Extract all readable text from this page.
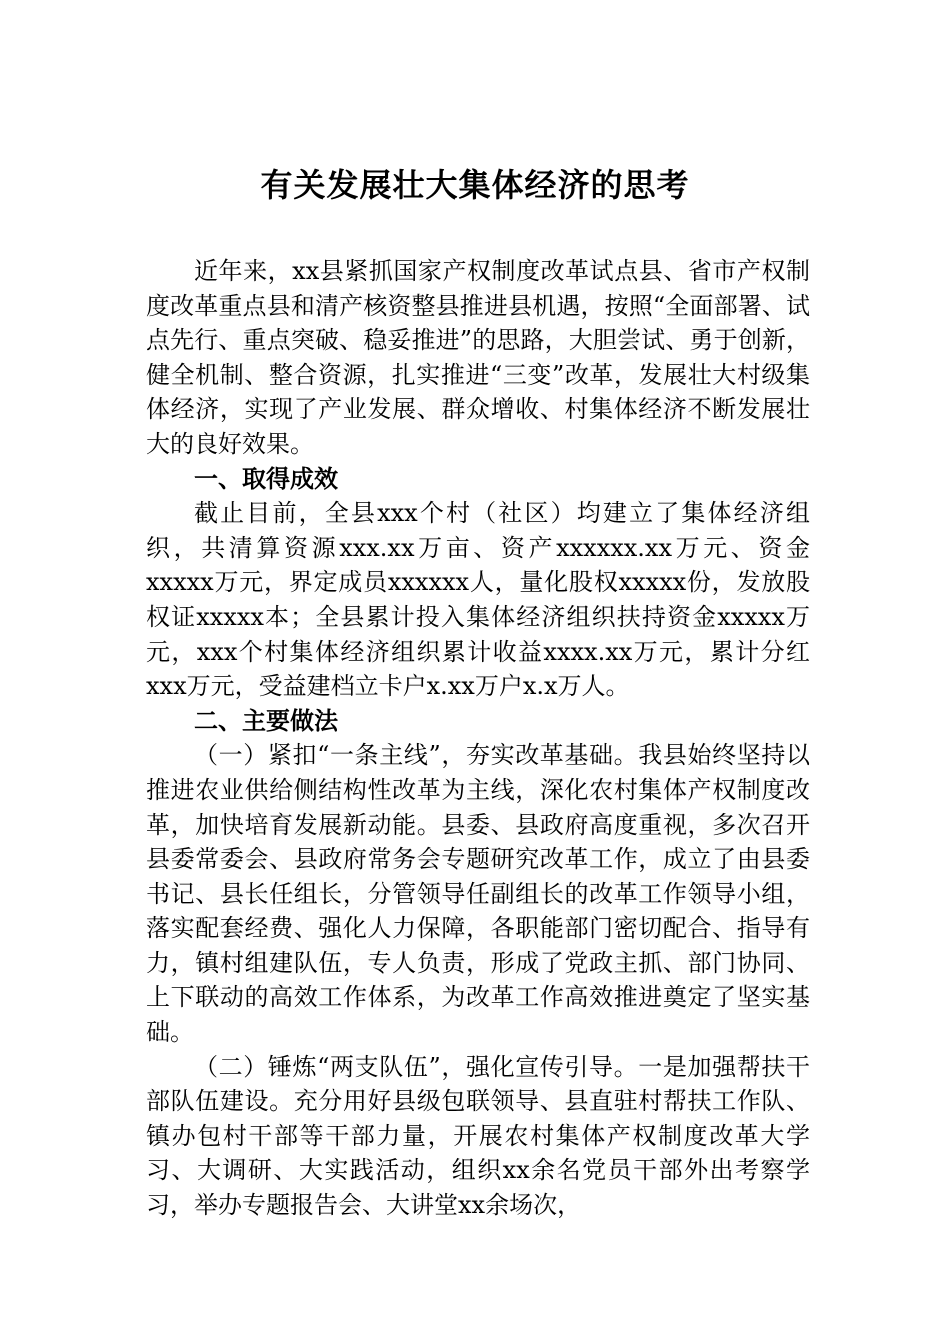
有关发展壮大集体经济的思考

近年来，xx县紧抓国家产权制度改革试点县、省市产权制度改革重点县和清产核资整县推进县机遇，按照“全面部署、试点先行、重点突破、稳妥推进”的思路，大胆尝试、勇于创新，健全机制、整合资源，扎实推进“三变”改革，发展壮大村级集体经济，实现了产业发展、群众增收、村集体经济不断发展壮大的良好效果。

一、取得成效

截止目前，全县xxx个村（社区）均建立了集体经济组织，共清算资源xxx.xx万亩、资产xxxxxx.xx万元、资金xxxxx万元，界定成员xxxxxx人，量化股权xxxxx份，发放股权证xxxxx本；全县累计投入集体经济组织扶持资金xxxxx万元，xxx个村集体经济组织累计收益xxxx.xx万元，累计分红xxx万元，受益建档立卡户x.xx万户x.x万人。

二、主要做法

（一）紧扣“一条主线”，夯实改革基础。我县始终坚持以推进农业供给侧结构性改革为主线，深化农村集体产权制度改革，加快培育发展新动能。县委、县政府高度重视，多次召开县委常委会、县政府常务会专题研究改革工作，成立了由县委书记、县长任组长，分管领导任副组长的改革工作领导小组，落实配套经费、强化人力保障，各职能部门密切配合、指导有力，镇村组建队伍，专人负责，形成了党政主抓、部门协同、上下联动的高效工作体系，为改革工作高效推进奠定了坚实基础。

（二）锤炼“两支队伍”，强化宣传引导。一是加强帮扶干部队伍建设。充分用好县级包联领导、县直驻村帮扶工作队、镇办包村干部等干部力量，开展农村集体产权制度改革大学习、大调研、大实践活动，组织xx余名党员干部外出考察学习，举办专题报告会、大讲堂xx余场次，
